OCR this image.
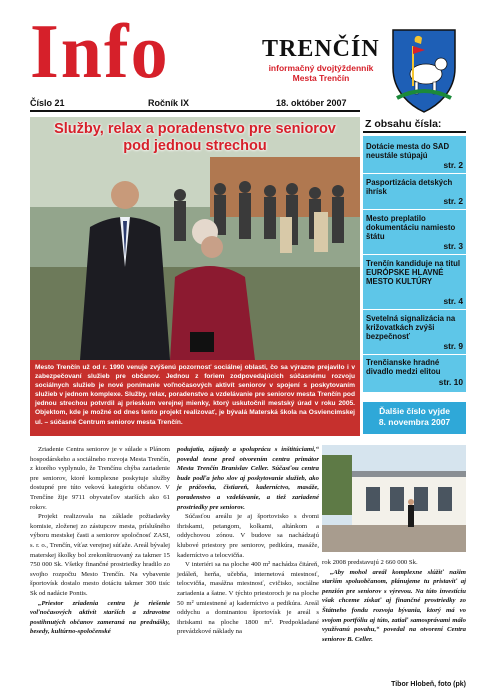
Info	TRENČÍN
informačný dvojtýždenník
Mesta Trenčín
Číslo 21	Ročník IX	18. október 2007
Služby, relax a poradenstvo pre seniorov
pod jednou strechou
Mesto Trenčín už od r. 1990 venuje zvýšenú pozornosť sociálnej oblasti, čo sa výrazne prejavilo i v zabezpečovaní služieb pre občanov. Jednou z foriem zodpovedajúcich súčasnému rozvoju sociálnych služieb je nové ponímanie voľnočasových aktivít seniorov v spojení s poskytovaním služieb v jednom komplexe. Služby, relax, poradenstvo a vzdelávanie pre seniorov mesta Trenčín pod jednou strechou potvrdil aj prieskum verejnej mienky, ktorý uskutočnil mestský úrad v roku 2005. Objektom, kde je možné od dnes tento projekt realizovať, je bývalá Materská škola na Osviencimskej ul. – súčasné Centrum seniorov mesta Trenčín.
Z obsahu čísla:
Dotácie mesta do SAD neustále stúpajú
str. 2
Pasportizácia detských ihrísk
str. 2
Mesto preplatilo dokumentáciu namiesto štátu
str. 3
Trenčín kandiduje na titul EURÓPSKE HLAVNÉ MESTO KULTÚRY
str. 4
Svetelná signalizácia na križovatkách zvýši bezpečnosť
str. 9
Trenčianske hradné divadlo medzi elitou
str. 10
Ďalšie číslo vyjde
8. novembra 2007

Zriadenie Centra seniorov je v súlade s Plánom hospodárskeho a sociálneho rozvoja Mesta Trenčín, z ktorého vyplynulo, že Trenčínu chýba zariadenie pre seniorov, ktoré komplexne poskytuje služby dostupné pre túto vekovú kategóriu občanov. V Trenčíne žije 9711 obyvateľov starších ako 61 rokov.

Projekt realizovala na základe požiadavky komisie, zloženej zo zástupcov mesta, príslušného výboru mestskej časti a seniorov spoločnosť ZASI, s. r. o., Trenčín, víťaz verejnej súťaže. Areál bývalej materskej školky bol zrekonštruovaný za takmer 15 750 000 Sk. Všetky finančné prostriedky hradilo zo svojho rozpočtu Mesto Trenčín. Na vybavenie športovísk dostalo mesto dotáciu takmer 300 tisíc Sk od nadácie Pontis.

„Priestor zriadenia centra je riešenie voľnočasových aktivít starších a zdravotne postihnutých občanov zameraná na prednášky, besedy, kultúrno-spoločenské

podujatia, zájazdy a spoluprácu s inštitúciami,“ povedal tesne pred otvorením centra primátor Mesta Trenčín Branislav Celler. Súčasťou centra bude podľa jeho slov aj poskytovanie služieb, ako je práčovňa, čistiareň, kaderníctvo, masáže, poradenstvo a vzdelávanie, a tiež zariadené prostriedky pre seniorov.

Súčasťou areálu je aj športovisko s dvomi ihriskami, petangom, kolkami, altánkom a oddychovou zónou. V budove sa nachádzajú klubové priestory pre seniorov, pedikúra, masáže, kaderníctvo a telocvičňa.

V interiéri sa na ploche 400 m² nachádza čitáreň, jedáleň, herňa, učebňa, internetová miestnosť, telocvičňa, masážna miestnosť, cvičisko, sociálne zariadenia a šatne. V týchto priestoroch je na ploche 50 m² umiestnené aj kaderníctvo a pedikúra. Areál oddychu a dominantou športovísk je areál s ihriskami na ploche 1800 m². Predpokladané prevádzkové náklady na

rok 2008 predstavujú 2 660 000 Sk.

„Aby mohol areál komplexne slúžiť našim starším spoluobčanom, plánujeme tu pristaviť aj penzión pre seniorov s výrevou. Na túto investíciu však chceme získať aj finančné prostriedky zo Štátneho fondu rozvoja bývania, ktorý má vo svojom portfóliu aj túto, zatiaľ samosprávami málo využívanú povahu,“ povedal na otvorení Centra seniorov B. Celler.

Tibor Hlobeň, foto (pk)
